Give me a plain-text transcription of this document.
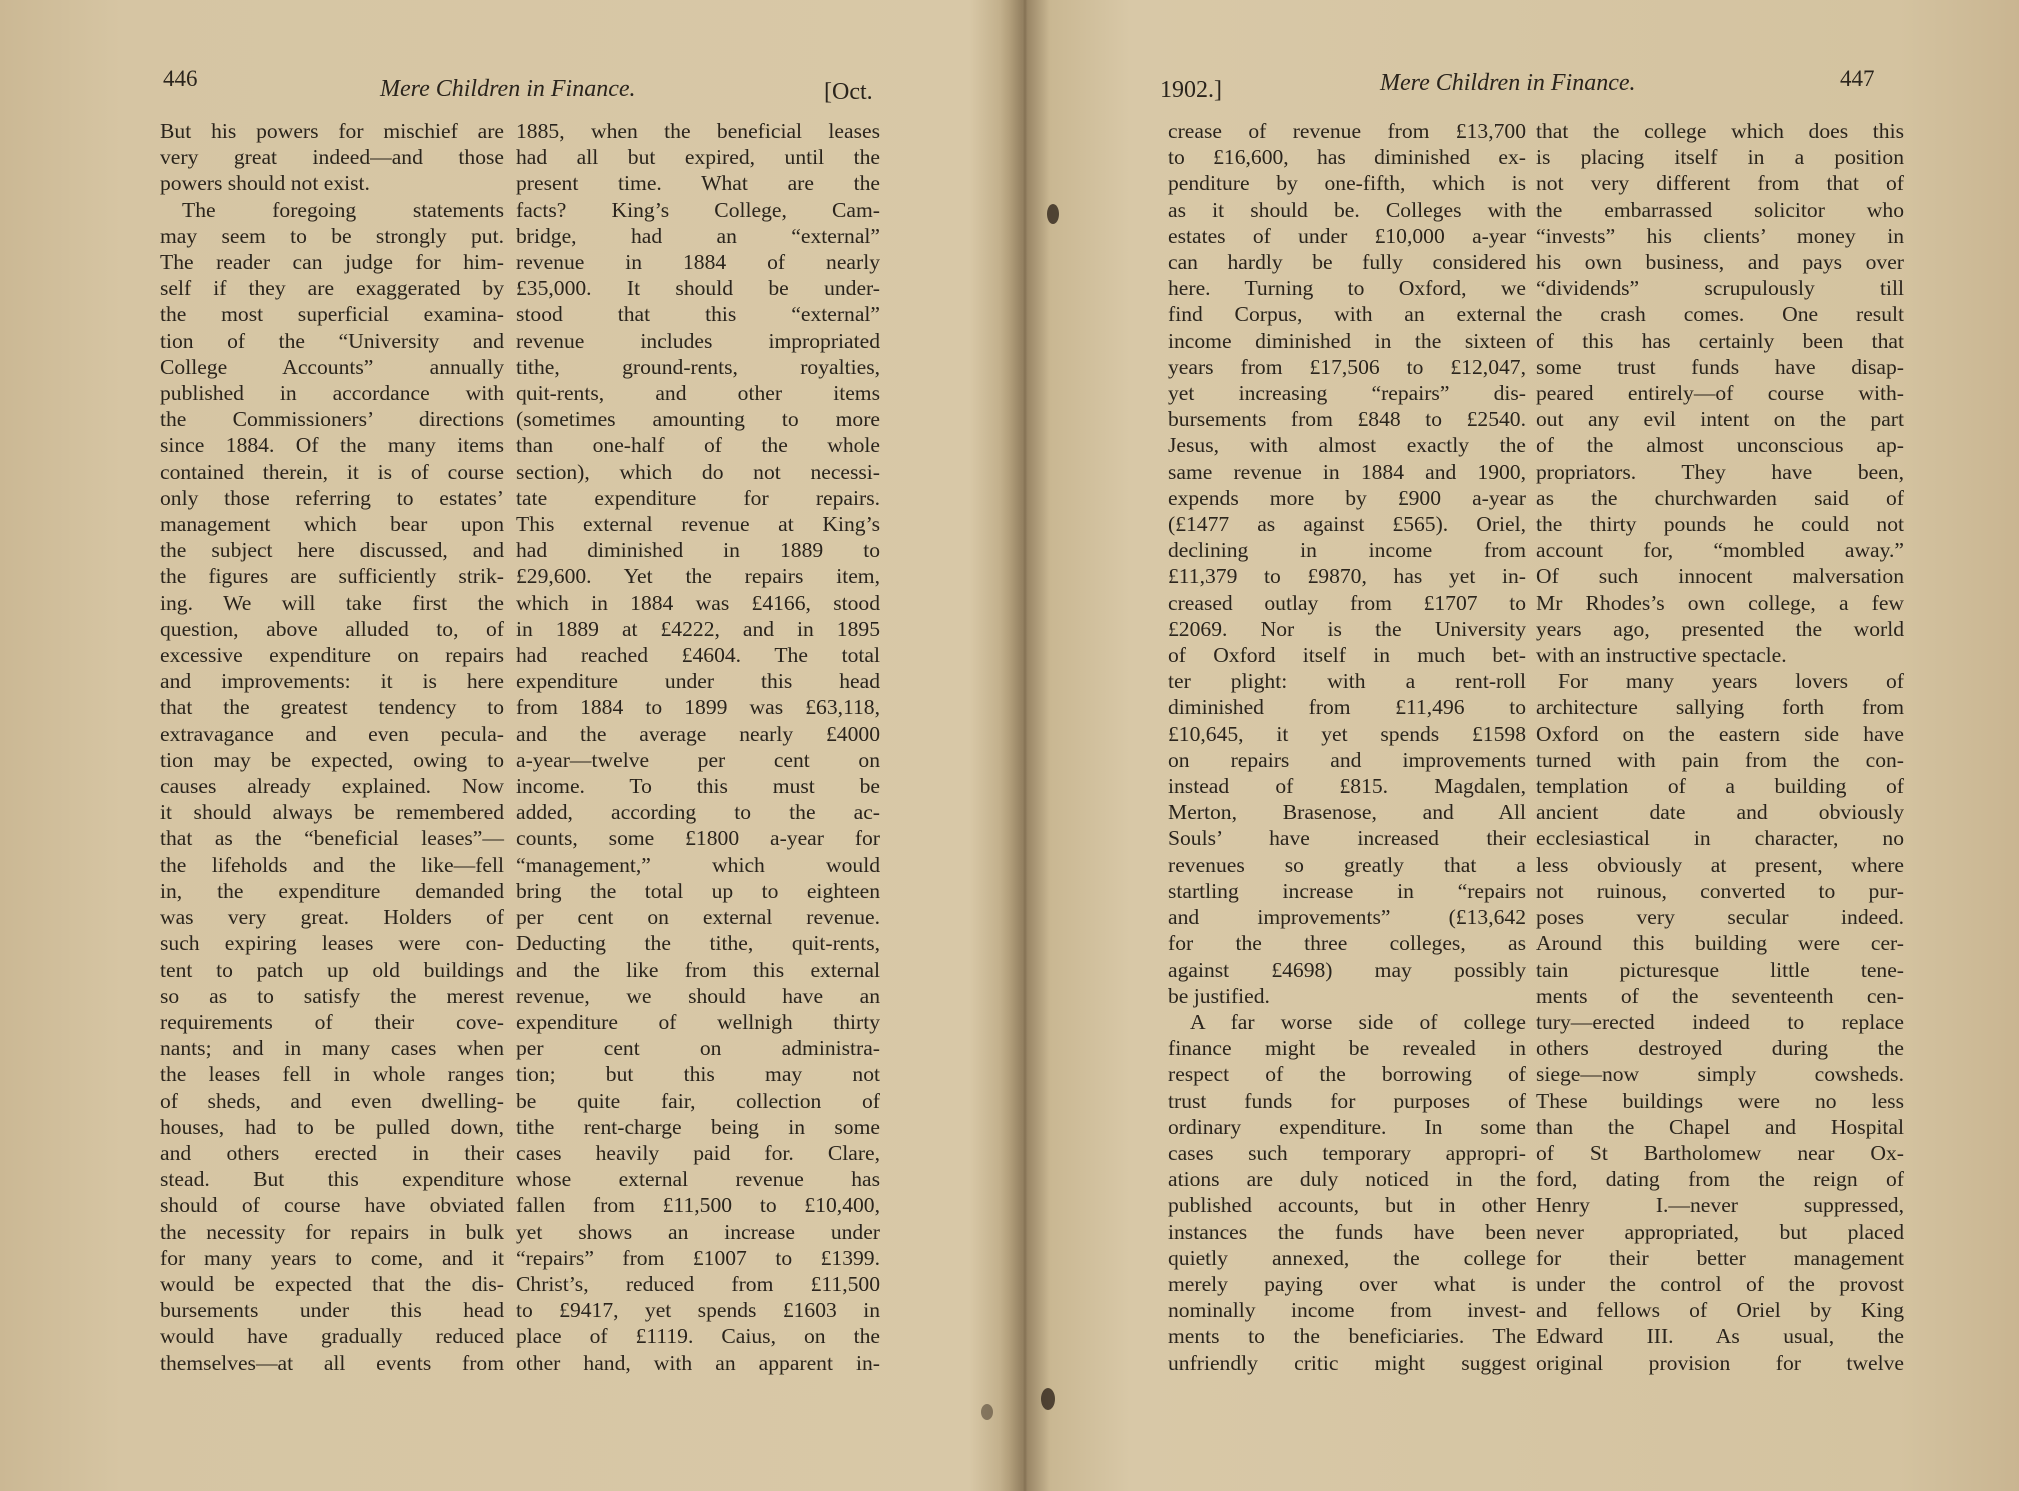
446	Mere Children in Finance.	[Oct.
But his powers for mischief are
very great indeed—and those
powers should not exist.
The foregoing statements
may seem to be strongly put.
The reader can judge for him-
self if they are exaggerated by
the most superficial examina-
tion of the “University and
College Accounts” annually
published in accordance with
the Commissioners’ directions
since 1884. Of the many items
contained therein, it is of course
only those referring to estates’
management which bear upon
the subject here discussed, and
the figures are sufficiently strik-
ing. We will take first the
question, above alluded to, of
excessive expenditure on repairs
and improvements: it is here
that the greatest tendency to
extravagance and even pecula-
tion may be expected, owing to
causes already explained. Now
it should always be remembered
that as the “beneficial leases”—
the lifeholds and the like—fell
in, the expenditure demanded
was very great. Holders of
such expiring leases were con-
tent to patch up old buildings
so as to satisfy the merest
requirements of their cove-
nants; and in many cases when
the leases fell in whole ranges
of sheds, and even dwelling-
houses, had to be pulled down,
and others erected in their
stead. But this expenditure
should of course have obviated
the necessity for repairs in bulk
for many years to come, and it
would be expected that the dis-
bursements under this head
would have gradually reduced
themselves—at all events from
1885, when the beneficial leases
had all but expired, until the
present time. What are the
facts? King’s College, Cam-
bridge, had an “external”
revenue in 1884 of nearly
£35,000. It should be under-
stood that this “external”
revenue includes impropriated
tithe, ground-rents, royalties,
quit-rents, and other items
(sometimes amounting to more
than one-half of the whole
section), which do not necessi-
tate expenditure for repairs.
This external revenue at King’s
had diminished in 1889 to
£29,600. Yet the repairs item,
which in 1884 was £4166, stood
in 1889 at £4222, and in 1895
had reached £4604. The total
expenditure under this head
from 1884 to 1899 was £63,118,
and the average nearly £4000
a-year—twelve per cent on
income. To this must be
added, according to the ac-
counts, some £1800 a-year for
“management,” which would
bring the total up to eighteen
per cent on external revenue.
Deducting the tithe, quit-rents,
and the like from this external
revenue, we should have an
expenditure of wellnigh thirty
per cent on administra-
tion; but this may not
be quite fair, collection of
tithe rent-charge being in some
cases heavily paid for. Clare,
whose external revenue has
fallen from £11,500 to £10,400,
yet shows an increase under
“repairs” from £1007 to £1399.
Christ’s, reduced from £11,500
to £9417, yet spends £1603 in
place of £1119. Caius, on the
other hand, with an apparent in-
1902.]	Mere Children in Finance.	447
crease of revenue from £13,700
to £16,600, has diminished ex-
penditure by one-fifth, which is
as it should be. Colleges with
estates of under £10,000 a-year
can hardly be fully considered
here. Turning to Oxford, we
find Corpus, with an external
income diminished in the sixteen
years from £17,506 to £12,047,
yet increasing “repairs” dis-
bursements from £848 to £2540.
Jesus, with almost exactly the
same revenue in 1884 and 1900,
expends more by £900 a-year
(£1477 as against £565). Oriel,
declining in income from
£11,379 to £9870, has yet in-
creased outlay from £1707 to
£2069. Nor is the University
of Oxford itself in much bet-
ter plight: with a rent-roll
diminished from £11,496 to
£10,645, it yet spends £1598
on repairs and improvements
instead of £815. Magdalen,
Merton, Brasenose, and All
Souls’ have increased their
revenues so greatly that a
startling increase in “repairs
and improvements” (£13,642
for the three colleges, as
against £4698) may possibly
be justified.
A far worse side of college
finance might be revealed in
respect of the borrowing of
trust funds for purposes of
ordinary expenditure. In some
cases such temporary appropri-
ations are duly noticed in the
published accounts, but in other
instances the funds have been
quietly annexed, the college
merely paying over what is
nominally income from invest-
ments to the beneficiaries. The
unfriendly critic might suggest
that the college which does this
is placing itself in a position
not very different from that of
the embarrassed solicitor who
“invests” his clients’ money in
his own business, and pays over
“dividends” scrupulously till
the crash comes. One result
of this has certainly been that
some trust funds have disap-
peared entirely—of course with-
out any evil intent on the part
of the almost unconscious ap-
propriators. They have been,
as the churchwarden said of
the thirty pounds he could not
account for, “mombled away.”
Of such innocent malversation
Mr Rhodes’s own college, a few
years ago, presented the world
with an instructive spectacle.
For many years lovers of
architecture sallying forth from
Oxford on the eastern side have
turned with pain from the con-
templation of a building of
ancient date and obviously
ecclesiastical in character, no
less obviously at present, where
not ruinous, converted to pur-
poses very secular indeed.
Around this building were cer-
tain picturesque little tene-
ments of the seventeenth cen-
tury—erected indeed to replace
others destroyed during the
siege—now simply cowsheds.
These buildings were no less
than the Chapel and Hospital
of St Bartholomew near Ox-
ford, dating from the reign of
Henry I.—never suppressed,
never appropriated, but placed
for their better management
under the control of the provost
and fellows of Oriel by King
Edward III. As usual, the
original provision for twelve
